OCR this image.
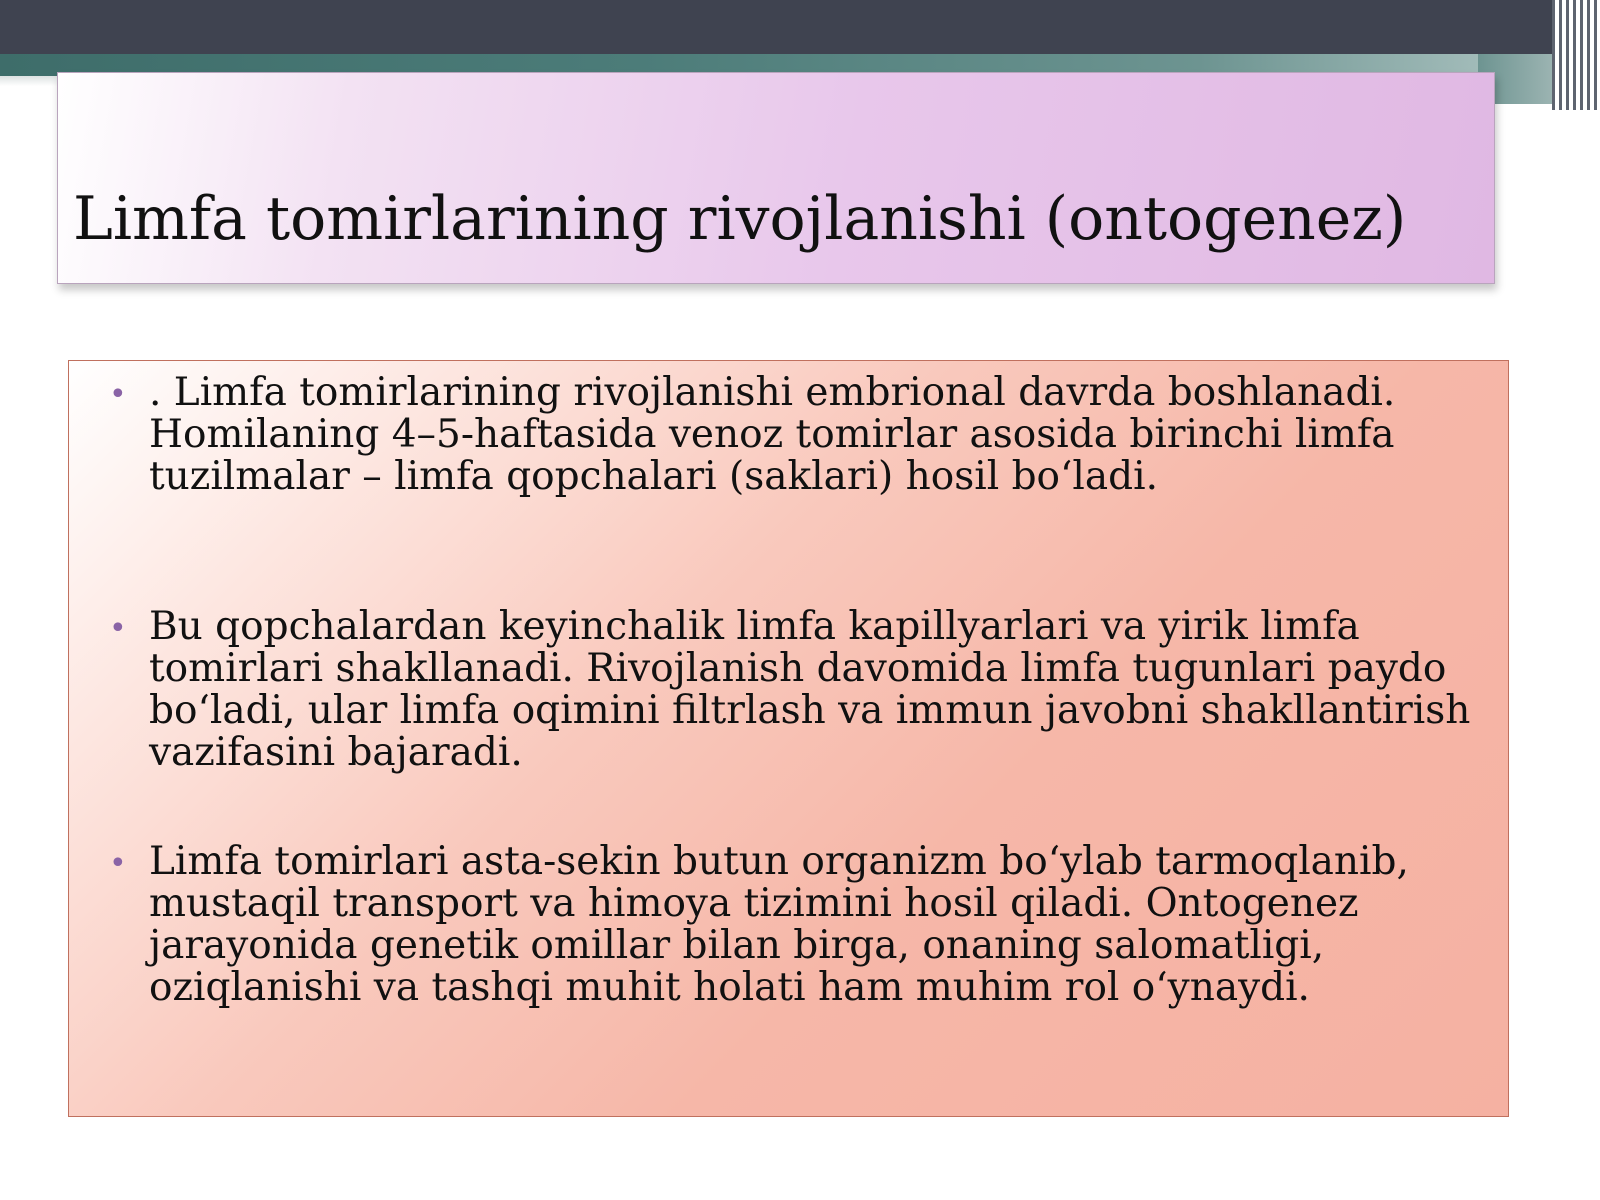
Limfa tomirlarining rivojlanishi (ontogenez)
• . Limfa tomirlarining rivojlanishi embrional davrda boshlanadi. Homilaning 4–5-haftasida venoz tomirlar asosida birinchi limfa tuzilmalar – limfa qopchalari (saklari) hosil bo‘ladi.
• Bu qopchalardan keyinchalik limfa kapillyarlari va yirik limfa tomirlari shakllanadi. Rivojlanish davomida limfa tugunlari paydo bo‘ladi, ular limfa oqimini filtrlash va immun javobni shakllantirish vazifasini bajaradi.
• Limfa tomirlari asta-sekin butun organizm bo‘ylab tarmoqlanib, mustaqil transport va himoya tizimini hosil qiladi. Ontogenez jarayonida genetik omillar bilan birga, onaning salomatligi, oziqlanishi va tashqi muhit holati ham muhim rol o‘ynaydi.
